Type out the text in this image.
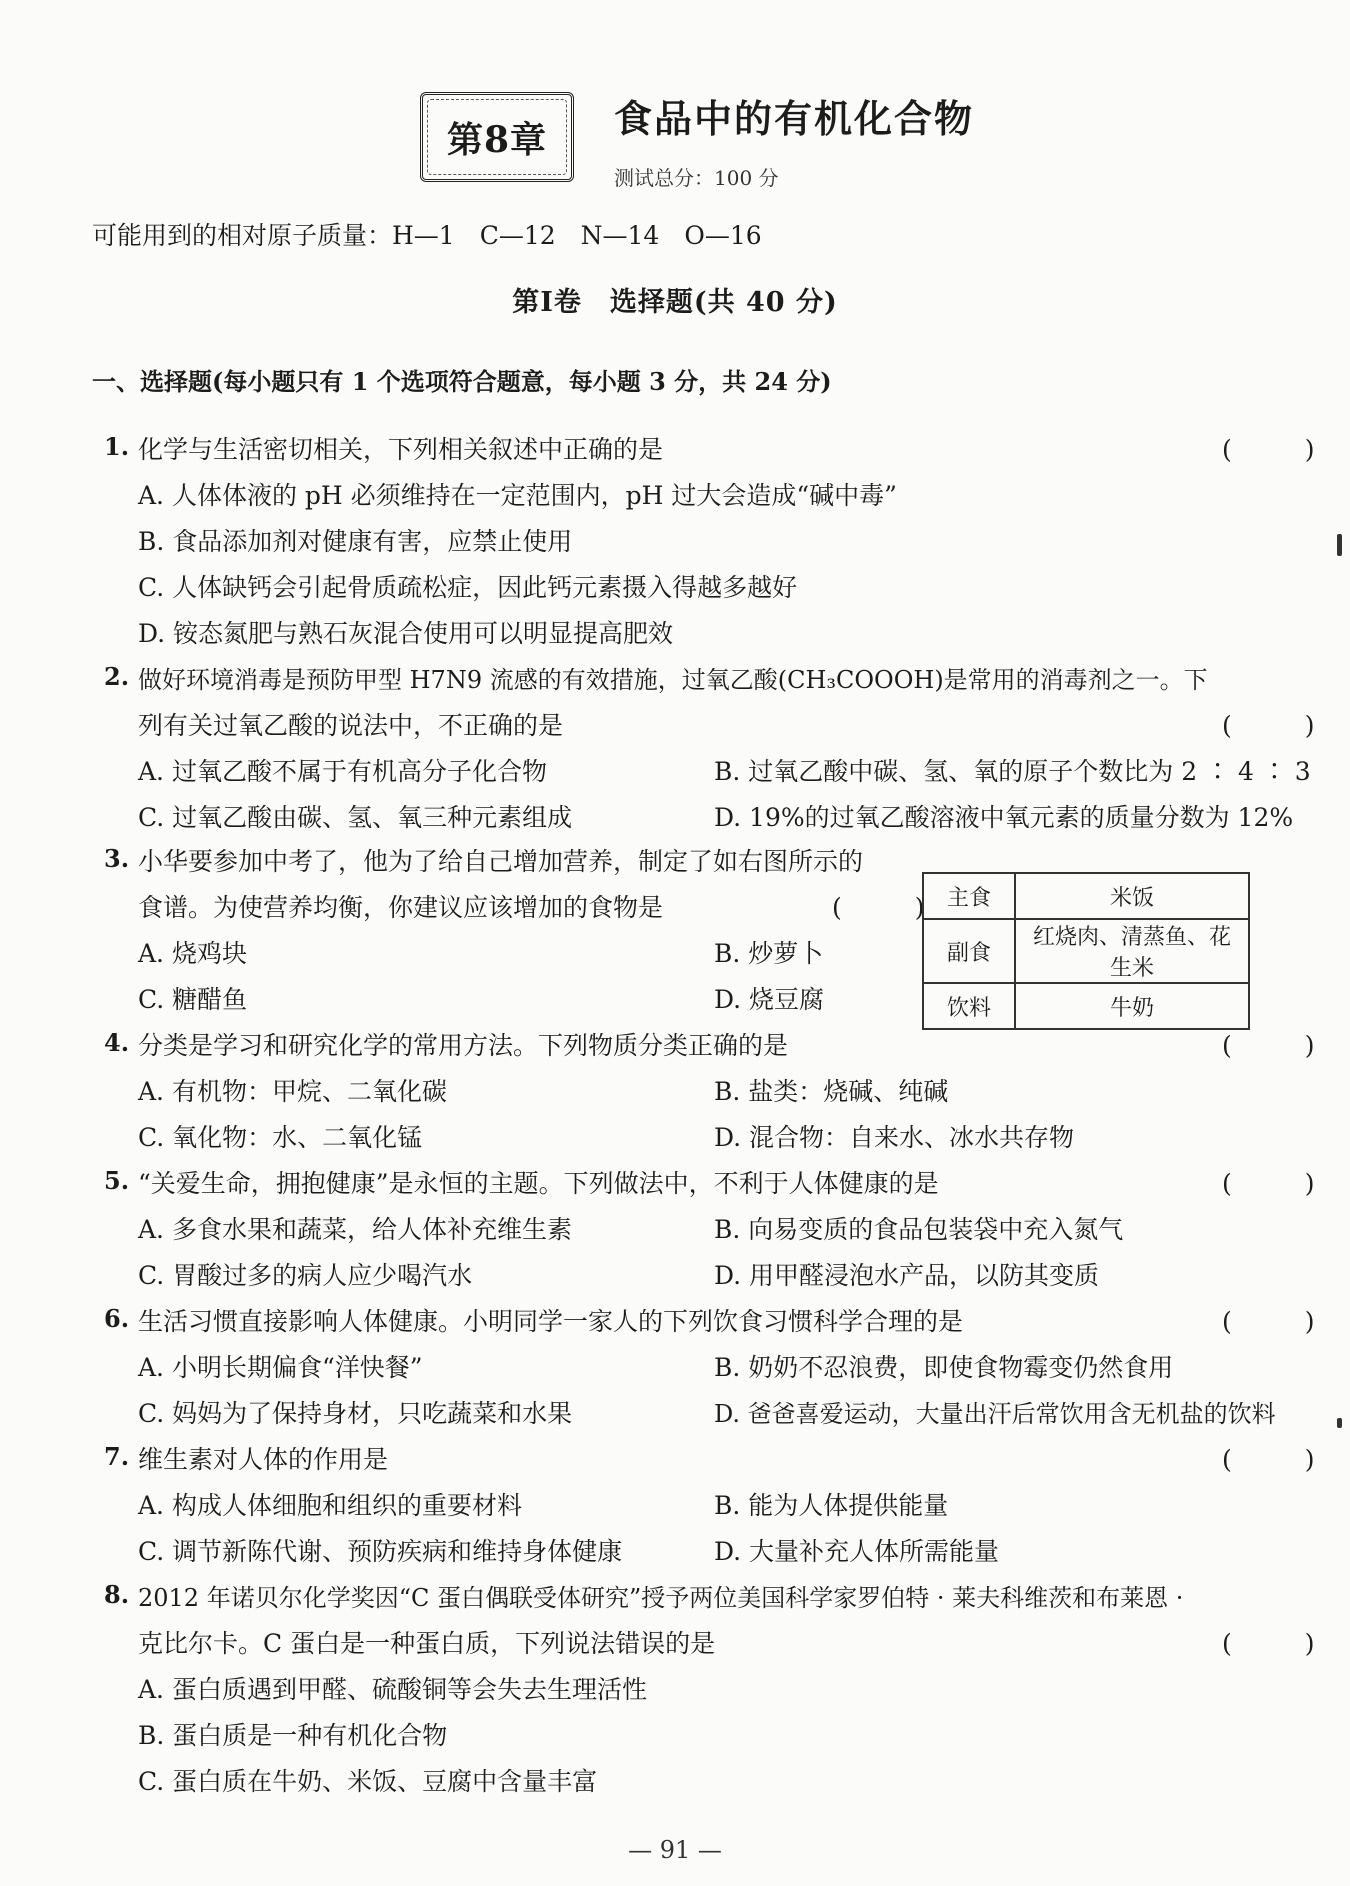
第8章 食品中的有机化合物
测试总分：100 分
可能用到的相对原子质量：H—1　C—12　N—14　O—16
第Ⅰ卷　选择题(共 40 分)
一、选择题(每小题只有 1 个选项符合题意，每小题 3 分，共 24 分)
1. 化学与生活密切相关，下列相关叙述中正确的是	(　)
A. 人体体液的 pH 必须维持在一定范围内，pH 过大会造成“碱中毒”
B. 食品添加剂对健康有害，应禁止使用
C. 人体缺钙会引起骨质疏松症，因此钙元素摄入得越多越好
D. 铵态氮肥与熟石灰混合使用可以明显提高肥效
2. 做好环境消毒是预防甲型 H7N9 流感的有效措施，过氧乙酸(CH₃COOOH)是常用的消毒剂之一。下
列有关过氧乙酸的说法中，不正确的是	(　)
A. 过氧乙酸不属于有机高分子化合物	B. 过氧乙酸中碳、氢、氧的原子个数比为 2 ∶ 4 ∶ 3
C. 过氧乙酸由碳、氢、氧三种元素组成	D. 19%的过氧乙酸溶液中氧元素的质量分数为 12%
3. 小华要参加中考了，他为了给自己增加营养，制定了如右图所示的
食谱。为使营养均衡，你建议应该增加的食物是	(　)
A. 烧鸡块	B. 炒萝卜
C. 糖醋鱼	D. 烧豆腐
主食	米饭
副食	红烧肉、清蒸鱼、花生米
饮料	牛奶
4. 分类是学习和研究化学的常用方法。下列物质分类正确的是	(　)
A. 有机物：甲烷、二氧化碳	B. 盐类：烧碱、纯碱
C. 氧化物：水、二氧化锰	D. 混合物：自来水、冰水共存物
5. “关爱生命，拥抱健康”是永恒的主题。下列做法中，不利于人体健康的是	(　)
A. 多食水果和蔬菜，给人体补充维生素	B. 向易变质的食品包装袋中充入氮气
C. 胃酸过多的病人应少喝汽水	D. 用甲醛浸泡水产品，以防其变质
6. 生活习惯直接影响人体健康。小明同学一家人的下列饮食习惯科学合理的是	(　)
A. 小明长期偏食“洋快餐”	B. 奶奶不忍浪费，即使食物霉变仍然食用
C. 妈妈为了保持身材，只吃蔬菜和水果	D. 爸爸喜爱运动，大量出汗后常饮用含无机盐的饮料
7. 维生素对人体的作用是	(　)
A. 构成人体细胞和组织的重要材料	B. 能为人体提供能量
C. 调节新陈代谢、预防疾病和维持身体健康	D. 大量补充人体所需能量
8. 2012 年诺贝尔化学奖因“C 蛋白偶联受体研究”授予两位美国科学家罗伯特 · 莱夫科维茨和布莱恩 ·
克比尔卡。C 蛋白是一种蛋白质，下列说法错误的是	(　)
A. 蛋白质遇到甲醛、硫酸铜等会失去生理活性
B. 蛋白质是一种有机化合物
C. 蛋白质在牛奶、米饭、豆腐中含量丰富
— 91 —
